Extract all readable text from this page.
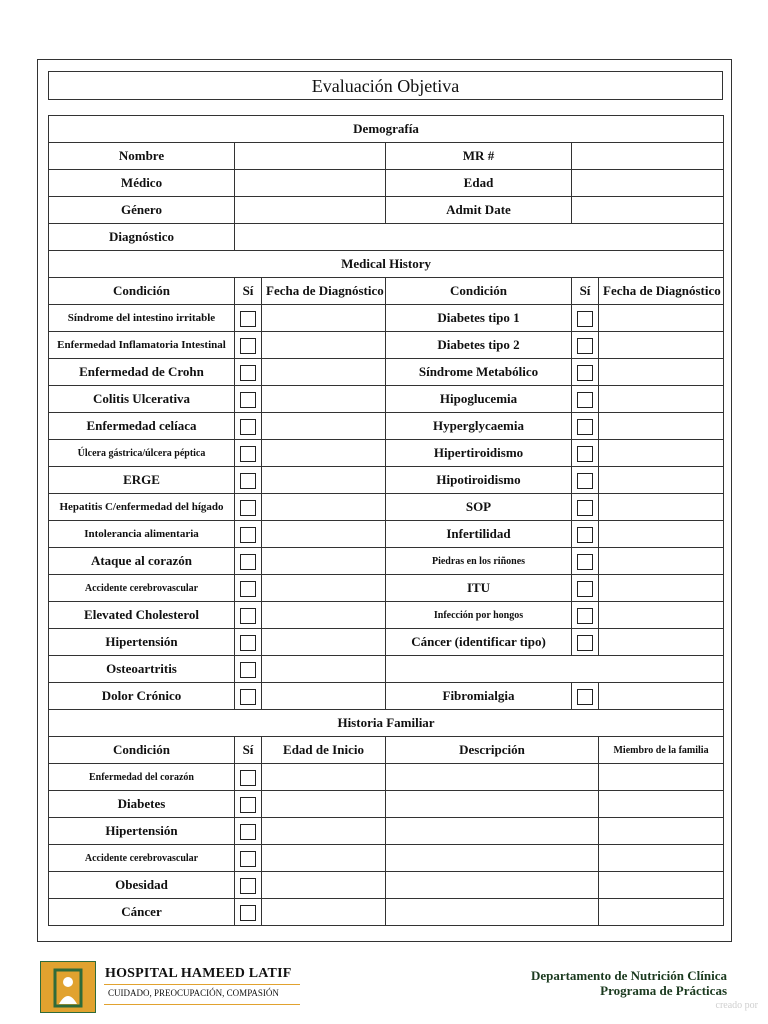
Evaluación Objetiva
Demografía					
Nombre			MR #		
Médico			Edad		
Género			Admit Date		
Diagnóstico					
Medical History					
Condición	Sí	Fecha de Diagnóstico	Condición	Sí	Fecha de Diagnóstico
Síndrome del intestino irritable			Diabetes tipo 1		
Enfermedad Inflamatoria Intestinal			Diabetes tipo 2		
Enfermedad de Crohn			Síndrome Metabólico		
Colitis Ulcerativa			Hipoglucemia		
Enfermedad celíaca			Hyperglycaemia		
Úlcera gástrica/úlcera péptica			Hipertiroidismo		
ERGE			Hipotiroidismo		
Hepatitis C/enfermedad del hígado			SOP		
Intolerancia alimentaria			Infertilidad		
Ataque al corazón			Piedras en los riñones		
Accidente cerebrovascular			ITU		
Elevated Cholesterol			Infección por hongos		
Hipertensión			Cáncer (identificar tipo)		
Osteoartritis					
Dolor Crónico			Fibromialgia		
Historia Familiar					
Condición	Sí	Edad de Inicio	Descripción		Miembro de la familia
Enfermedad del corazón					
Diabetes					
Hipertensión					
Accidente cerebrovascular					
Obesidad					
Cáncer					
HOSPITAL HAMEED LATIF
CUIDADO, PREOCUPACIÓN, COMPASIÓN
Departamento de Nutrición Clínica
Programa de Prácticas
creado por
